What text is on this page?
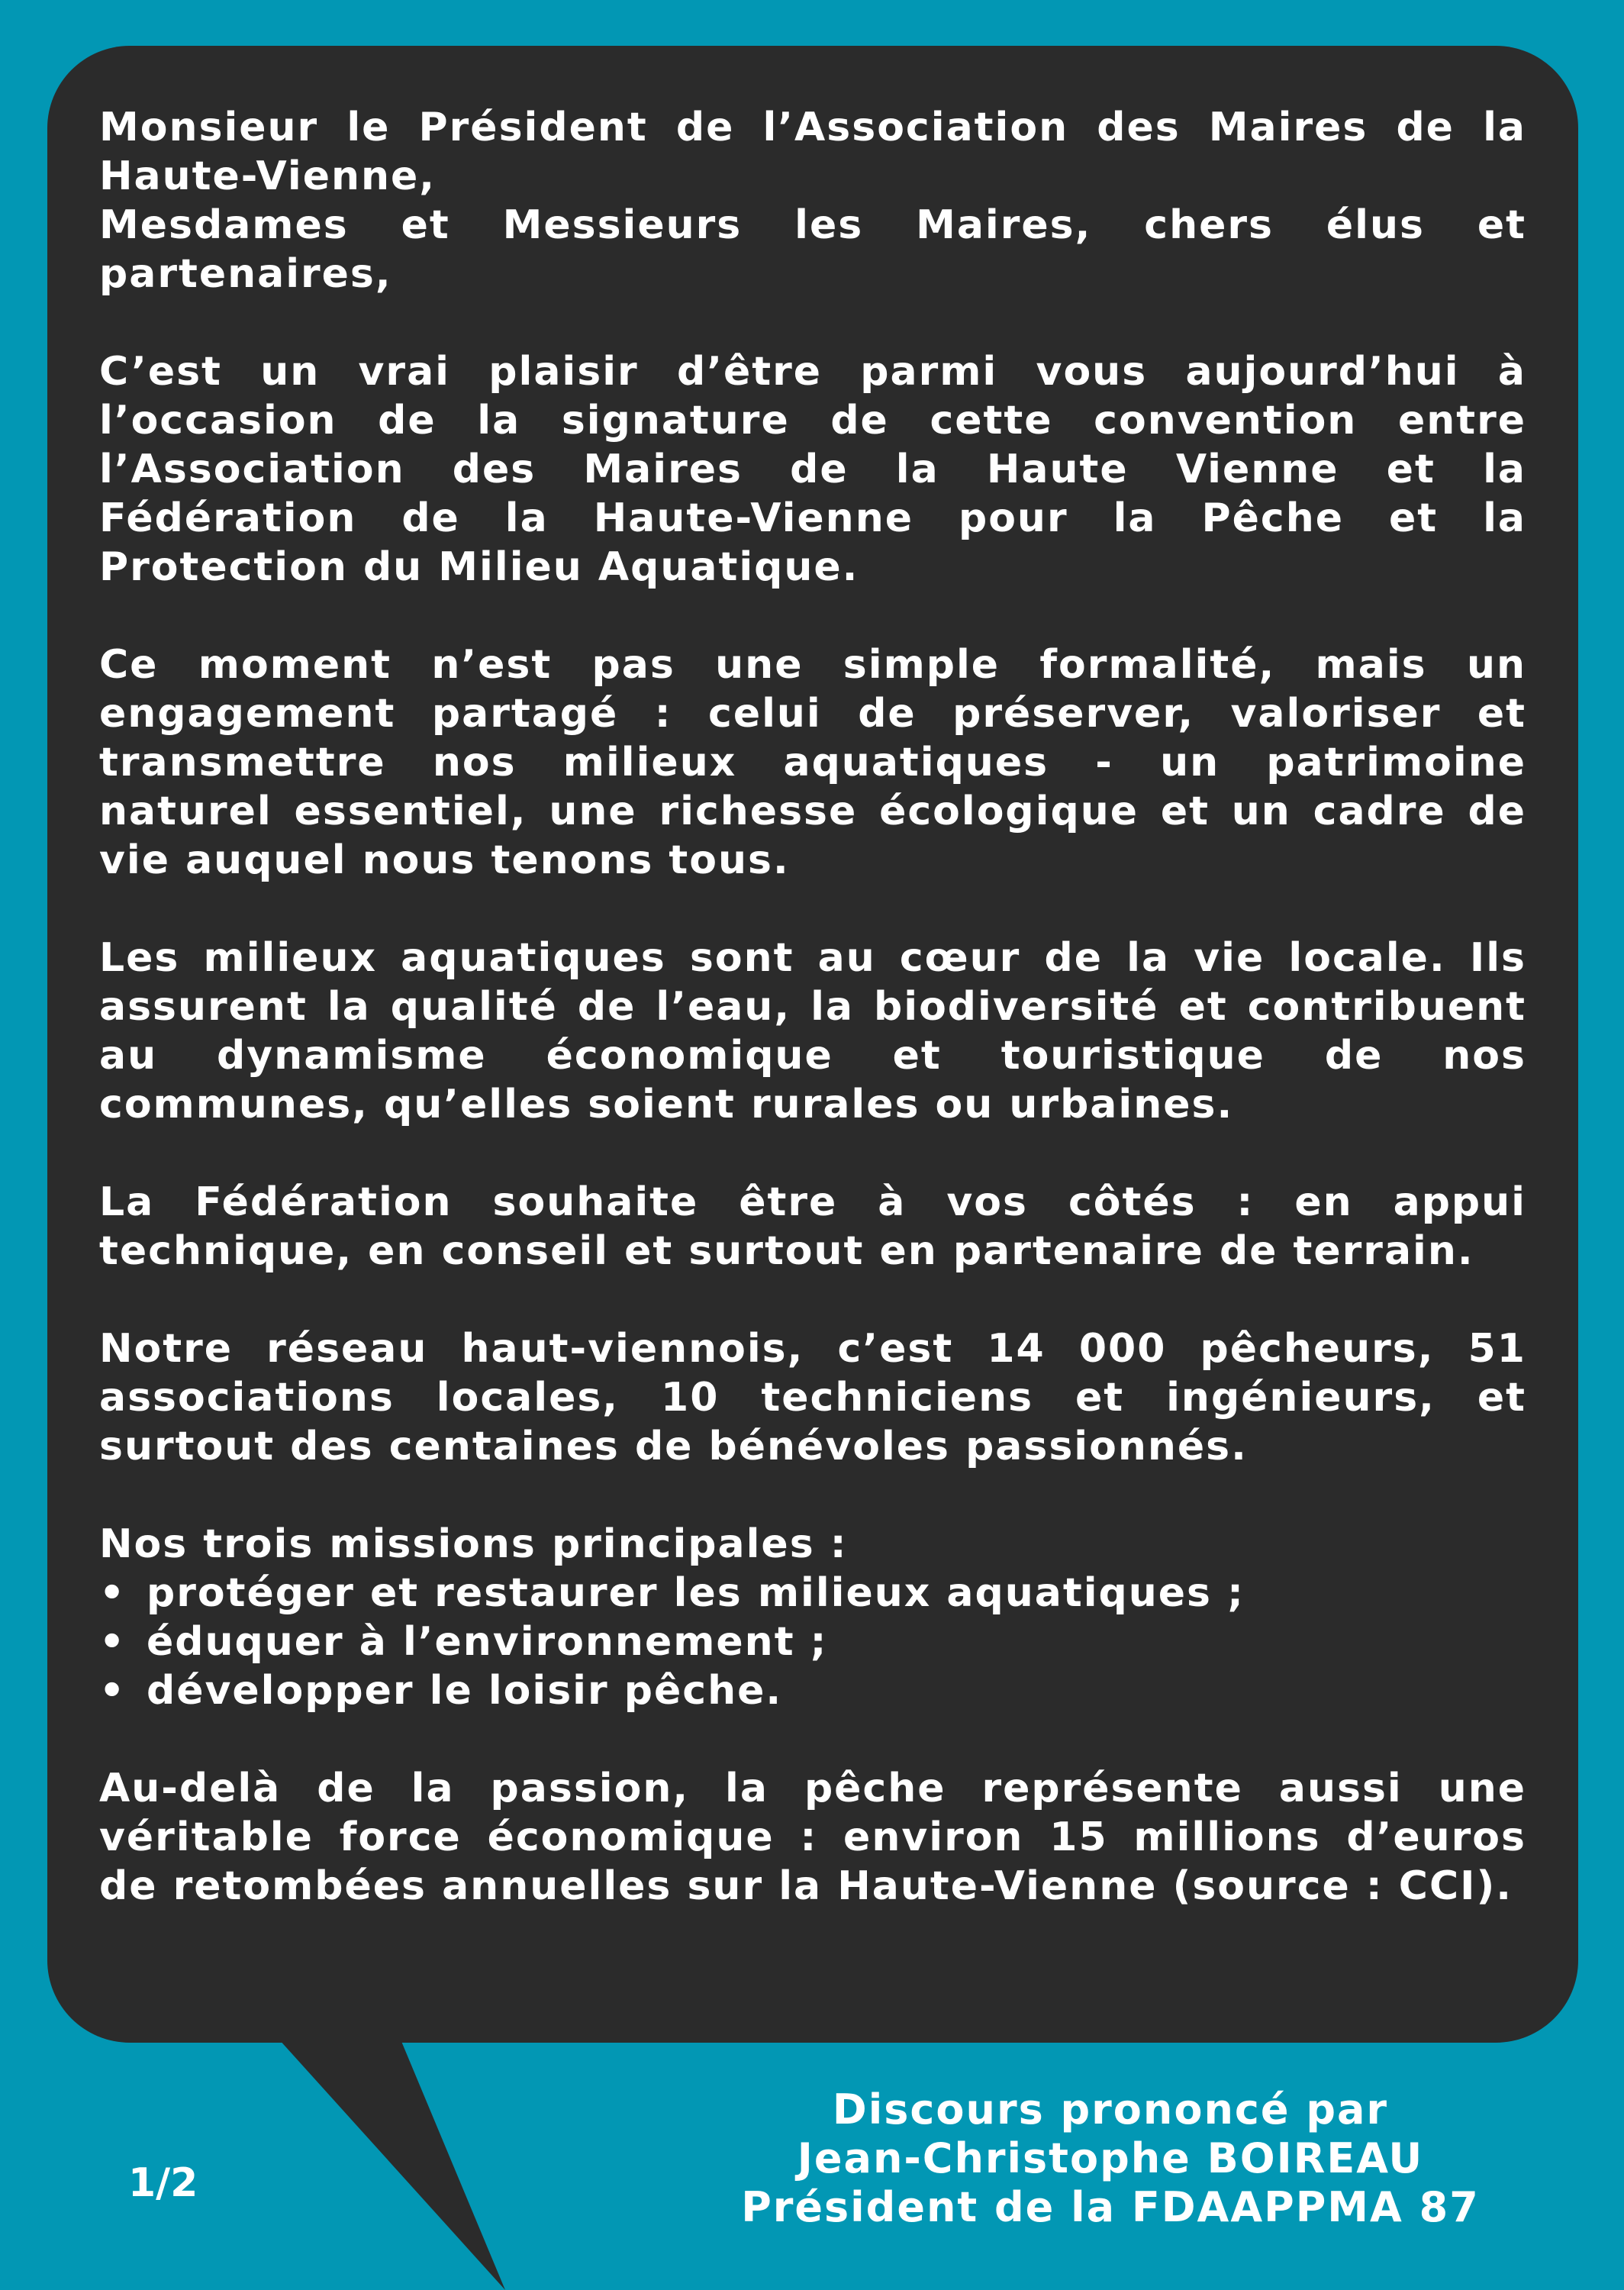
Monsieur le Président de l’Association des Maires de la Haute-Vienne,
Mesdames et Messieurs les Maires, chers élus et partenaires,

C’est un vrai plaisir d’être parmi vous aujourd’hui à l’occasion de la signature de cette convention entre l’Association des Maires de la Haute Vienne et la Fédération de la Haute-Vienne pour la Pêche et la Protection du Milieu Aquatique.

Ce moment n’est pas une simple formalité, mais un engagement partagé : celui de préserver, valoriser et transmettre nos milieux aquatiques - un patrimoine naturel essentiel, une richesse écologique et un cadre de vie auquel nous tenons tous.

Les milieux aquatiques sont au cœur de la vie locale. Ils assurent la qualité de l’eau, la biodiversité et contribuent au dynamisme économique et touristique de nos communes, qu’elles soient rurales ou urbaines.

La Fédération souhaite être à vos côtés : en appui technique, en conseil et surtout en partenaire de terrain.

Notre réseau haut-viennois, c’est 14 000 pêcheurs, 51 associations locales, 10 techniciens et ingénieurs, et surtout des centaines de bénévoles passionnés.

Nos trois missions principales :
• protéger et restaurer les milieux aquatiques ;
• éduquer à l’environnement ;
• développer le loisir pêche.

Au-delà de la passion, la pêche représente aussi une véritable force économique : environ 15 millions d’euros de retombées annuelles sur la Haute-Vienne (source : CCI).

1/2
Discours prononcé par
Jean-Christophe BOIREAU
Président de la FDAAPPMA 87
